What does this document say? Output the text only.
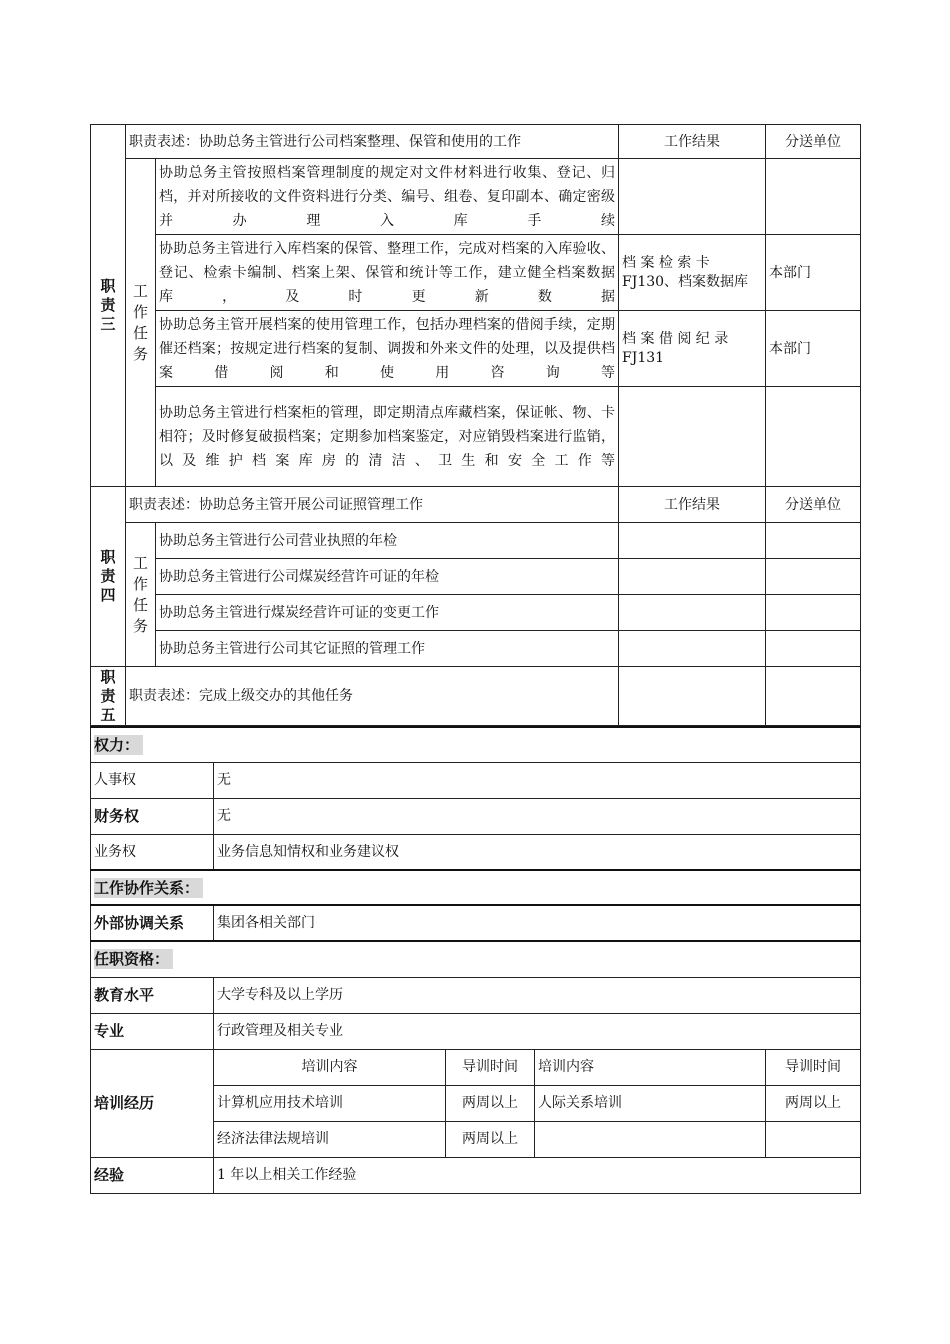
职
责
三	职责表述：协助总务主管进行公司档案整理、保管和使用的工作		工作结果	分送单位
	工
作
任
务	协助总务主管按照档案管理制度的规定对文件材料进行收集、登记、归档，并对所接收的文件资料进行分类、编号、组卷、复印副本、确定密级并办理入库手续		
		协助总务主管进行入库档案的保管、整理工作，完成对档案的入库验收、登记、检索卡编制、档案上架、保管和统计等工作，建立健全档案数据库，及时更新数据	档 案 检 索 卡 FJ130、档案数据库	本部门
		协助总务主管开展档案的使用管理工作，包括办理档案的借阅手续，定期催还档案；按规定进行档案的复制、调拨和外来文件的处理，以及提供档案借阅和使用咨询等	档 案 借 阅 纪 录 FJ131	本部门
		协助总务主管进行档案柜的管理，即定期清点库藏档案，保证帐、物、卡相符；及时修复破损档案；定期参加档案鉴定，对应销毁档案进行监销，以及维护档案库房的清洁、卫生和安全工作等		
职
责
四	职责表述：协助总务主管开展公司证照管理工作		工作结果	分送单位
	工
作
任
务	协助总务主管进行公司营业执照的年检		
		协助总务主管进行公司煤炭经营许可证的年检		
		协助总务主管进行煤炭经营许可证的变更工作		
		协助总务主管进行公司其它证照的管理工作		
职
责
五	职责表述：完成上级交办的其他任务			
权力：				
人事权	无			
财务权	无			
业务权	业务信息知情权和业务建议权			
工作协作关系：				
外部协调关系	集团各相关部门			
任职资格：				
教育水平	大学专科及以上学历			
专业	行政管理及相关专业			
培训经历	培训内容	导训时间	培训内容	导训时间
	计算机应用技术培训	两周以上	人际关系培训	两周以上
	经济法律法规培训	两周以上		
经验	1 年以上相关工作经验			
